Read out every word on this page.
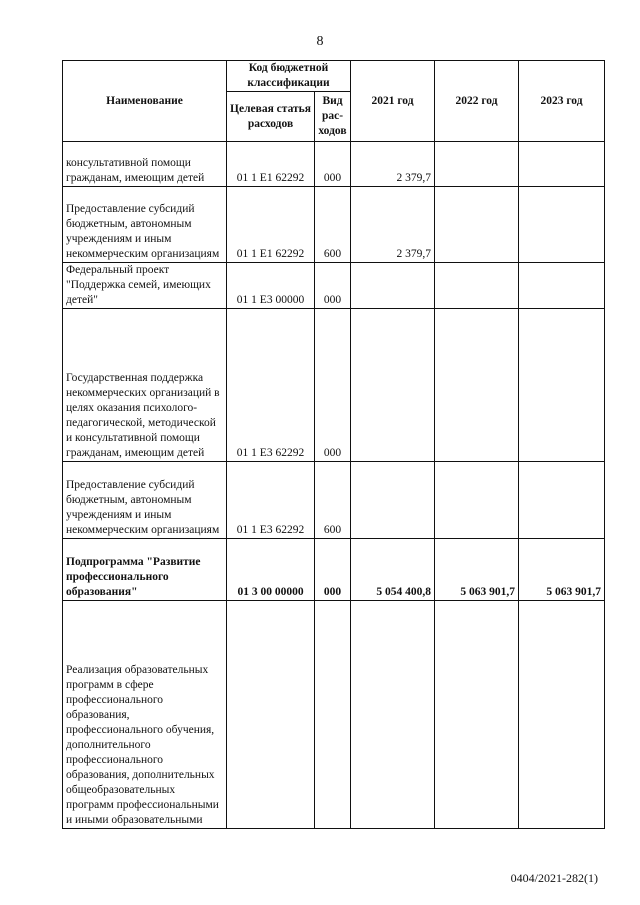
8
Наименование	Код бюджетной классификации		2021 год	2022 год	2023 год
	Целевая статья расходов	Вид рас-ходов			
консультативной помощи гражданам, имеющим детей	01 1 E1 62292	000	2 379,7		
Предоставление субсидий бюджетным, автономным учреждениям и иным некоммерческим организациям	01 1 E1 62292	600	2 379,7		
Федеральный проект "Поддержка семей, имеющих детей"	01 1 E3 00000	000			
Государственная поддержка некоммерческих организаций в целях оказания психолого-педагогической, методической и консультативной помощи гражданам, имеющим детей	01 1 E3 62292	000			
Предоставление субсидий бюджетным, автономным учреждениям и иным некоммерческим организациям	01 1 E3 62292	600			
Подпрограмма "Развитие профессионального образования"	01 3 00 00000	000	5 054 400,8	5 063 901,7	5 063 901,7
Реализация образовательных программ в сфере профессионального образования, профессионального обучения, дополнительного профессионального образования, дополнительных общеобразовательных программ профессиональными и иными образовательными					
0404/2021-282(1)
